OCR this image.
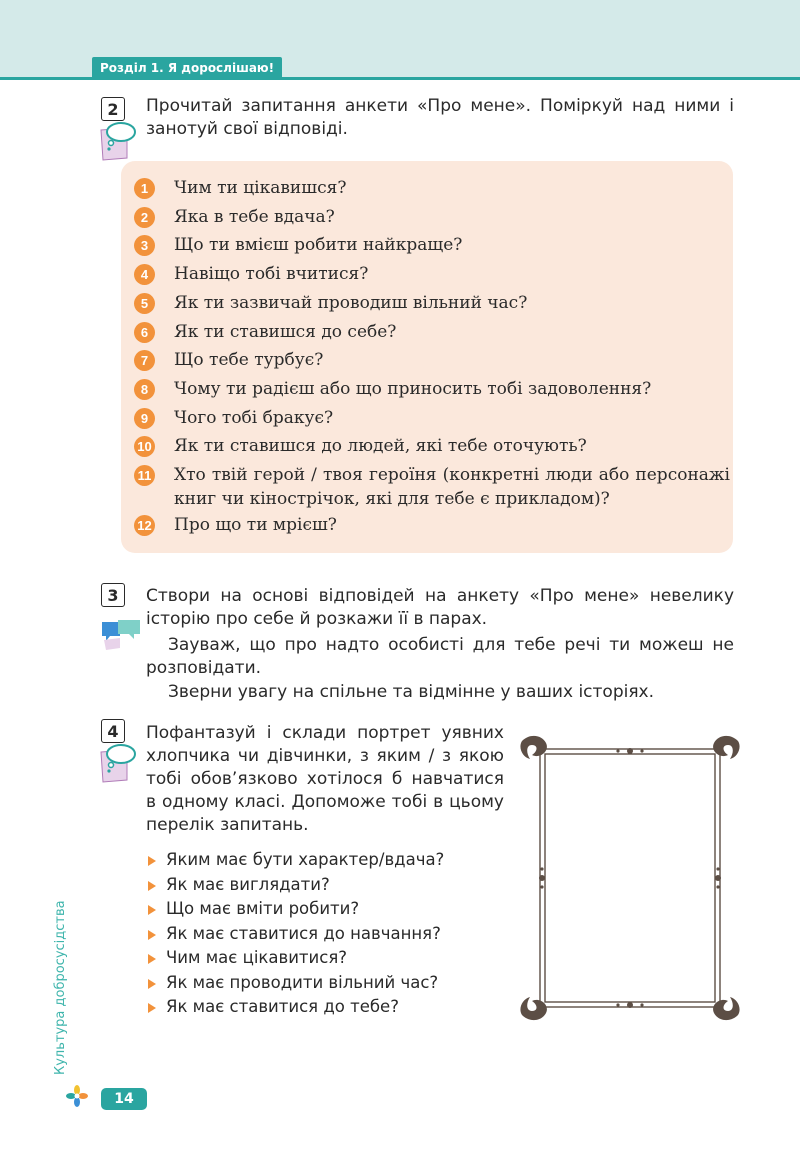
Розділ 1. Я дорослішаю!
2	Прочитай запитання анкети «Про мене». Поміркуй над ними і занотуй свої відповіді.
1	Чим ти цікавишся?
2	Яка в тебе вдача?
3	Що ти вмієш робити найкраще?
4	Навіщо тобі вчитися?
5	Як ти зазвичай проводиш вільний час?
6	Як ти ставишся до себе?
7	Що тебе турбує?
8	Чому ти радієш або що приносить тобі задоволення?
9	Чого тобі бракує?
10 Як ти ставишся до людей, які тебе оточують?
11 Хто твій герой / твоя героїня (конкретні люди або персонажі книг чи кінострічок, які для тебе є прикладом)?
12 Про що ти мрієш?
3	Створи на основі відповідей на анкету «Про мене» невелику історію про себе й розкажи її в парах.
Зауваж, що про надто особисті для тебе речі ти можеш не розповідати.
Зверни увагу на спільне та відмінне у ваших історіях.
4	Пофантазуй і склади портрет уявних хлопчика чи дівчинки, з яким / з якою тобі обов’язково хотілося б навчатися в одному класі. Допоможе тобі в цьому перелік запитань.
Яким має бути характер/вдача?
Як має виглядати?
Що має вміти робити?
Як має ставитися до навчання?
Чим має цікавитися?
Як має проводити вільний час?
Як має ставитися до тебе?
Культура добросусідства
14
